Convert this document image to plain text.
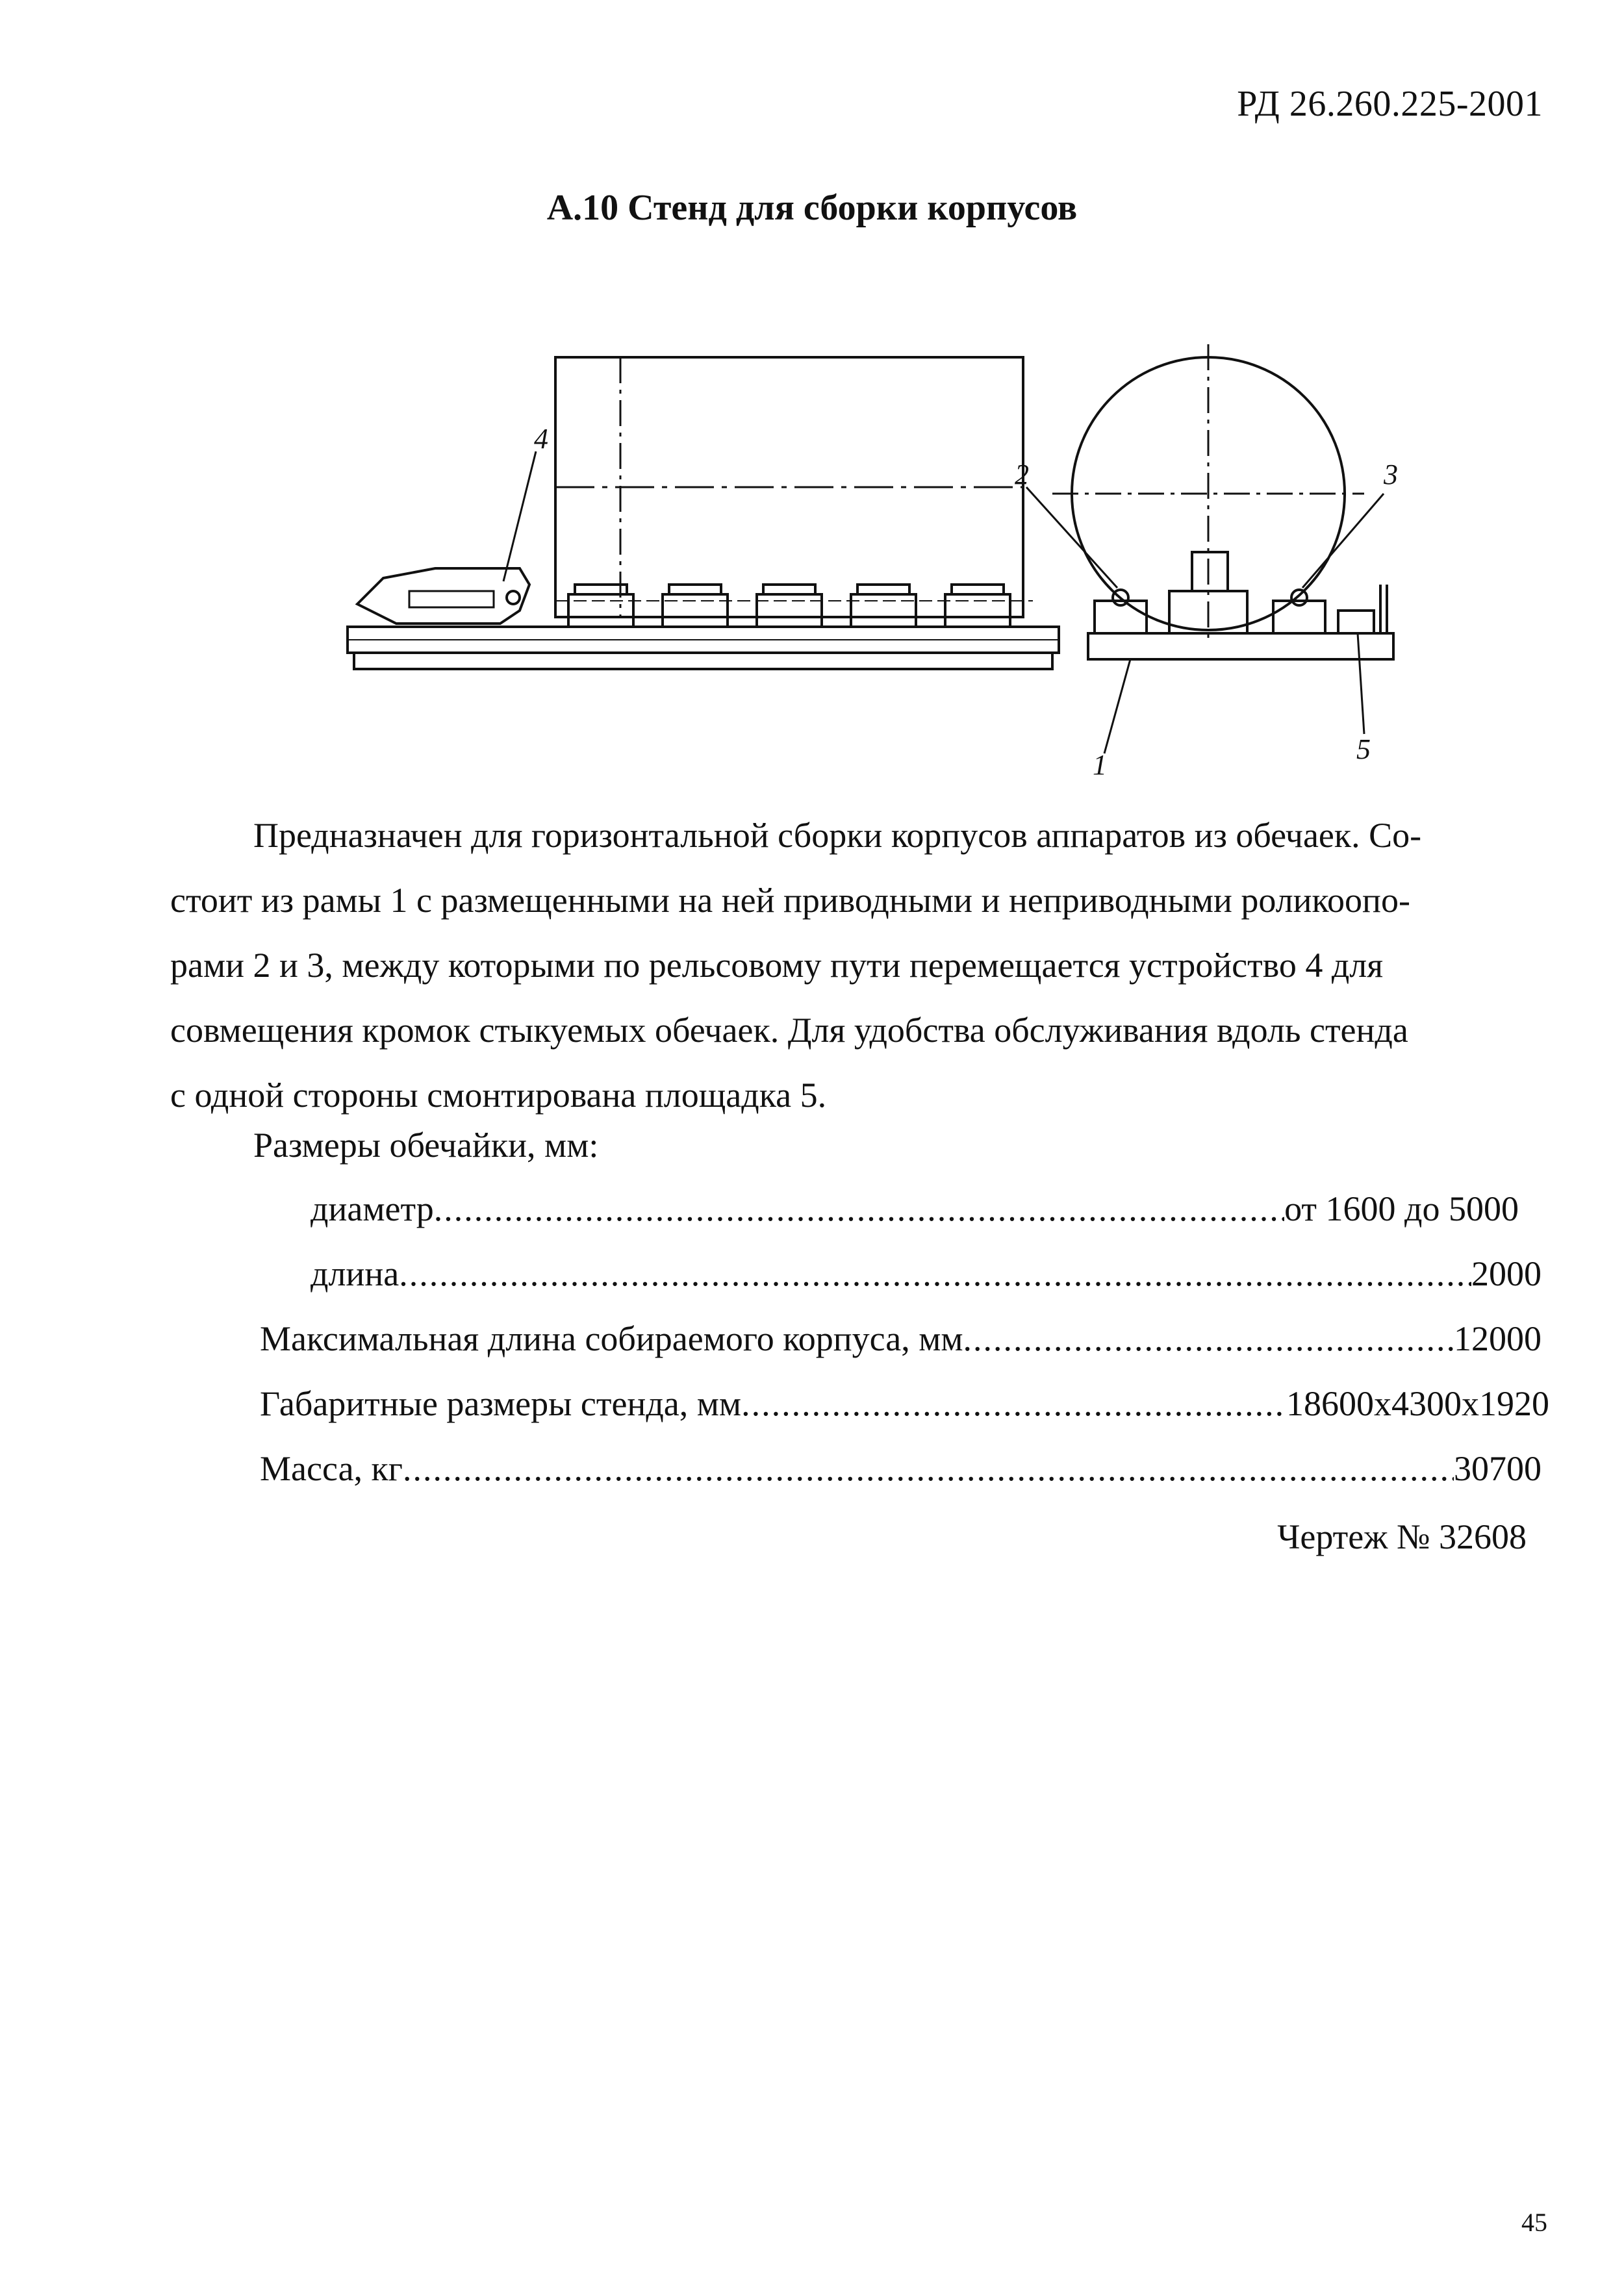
РД 26.260.225-2001
А.10 Стенд для сборки корпусов
4
2	3
1	5

Предназначен для горизонтальной сборки корпусов аппаратов из обечаек. Со-

стоит из рамы 1 с размещенными на ней приводными и неприводными роликоопо-

рами 2 и 3, между которыми по рельсовому пути перемещается устройство 4 для

совмещения кромок стыкуемых обечаек. Для удобства обслуживания вдоль стенда

с одной стороны смонтирована площадка 5.

Размеры обечайки, мм:
диаметр .....	от 1600 до 5000
длина .....	2000
Максимальная длина собираемого корпуса, мм .....	12000
Габаритные размеры стенда, мм .....	18600x4300x1920
Масса, кг .....	30700
Чертеж № 32608
45
